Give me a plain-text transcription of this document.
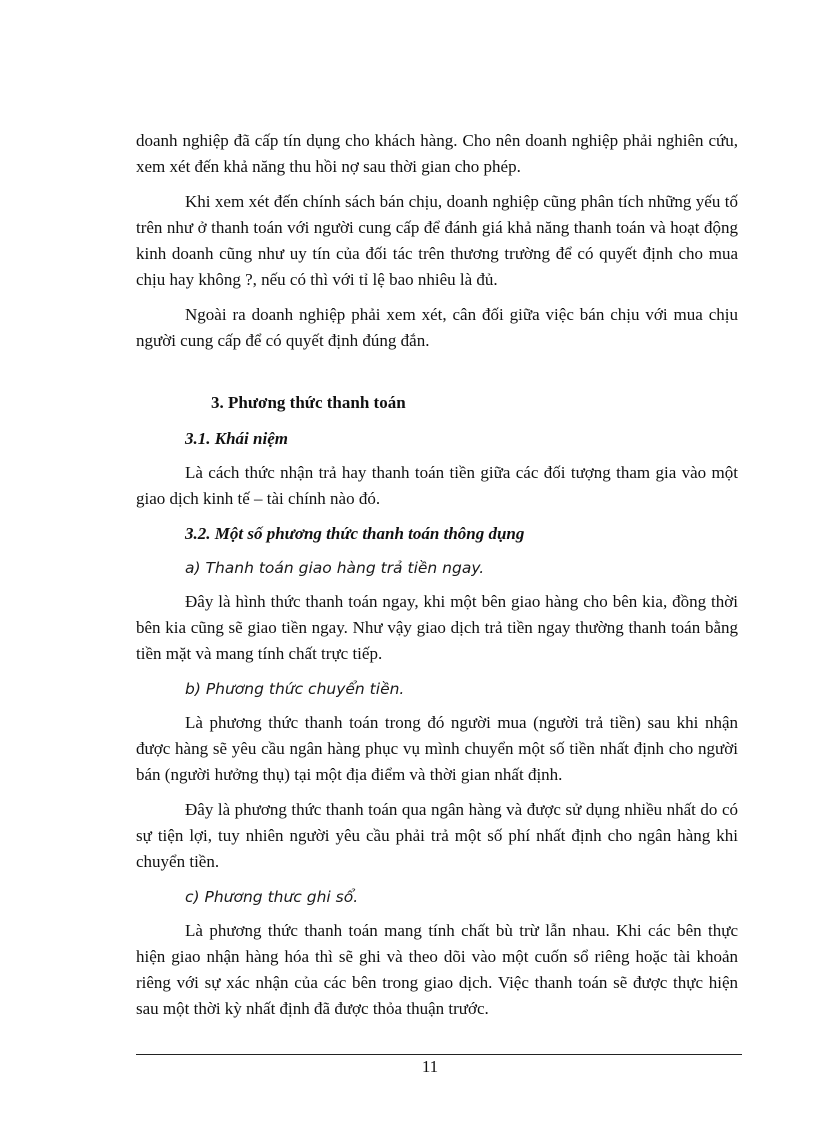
doanh nghiệp đã cấp tín dụng cho khách hàng. Cho nên doanh nghiệp phải nghiên cứu, xem xét đến khả năng thu hồi nợ sau thời gian cho phép.

Khi xem xét đến chính sách bán chịu, doanh nghiệp cũng phân tích những yếu tố trên như ở thanh toán với người cung cấp để đánh giá khả năng thanh toán và hoạt động kinh doanh cũng như uy tín của đối tác trên thương trường để có quyết định cho mua chịu hay không ?, nếu có thì với tỉ lệ bao nhiêu là đủ.

Ngoài ra doanh nghiệp phải xem xét, cân đối giữa việc bán chịu với mua chịu người cung cấp để có quyết định đúng đắn.

3. Phương thức thanh toán

3.1. Khái niệm

Là cách thức nhận trả hay thanh toán tiền giữa các đối tượng tham gia vào một giao dịch kinh tế – tài chính nào đó.

3.2. Một số phương thức thanh toán thông dụng

a) Thanh toán giao hàng trả tiền ngay.

Đây là hình thức thanh toán ngay, khi một bên giao hàng cho bên kia, đồng thời bên kia cũng sẽ giao tiền ngay. Như vậy giao dịch trả tiền ngay thường thanh toán bằng tiền mặt và mang tính chất trực tiếp.

b) Phương thức chuyển tiền.

Là phương thức thanh toán trong đó người mua (người trả tiền) sau khi nhận được hàng sẽ yêu cầu ngân hàng phục vụ mình chuyển một số tiền nhất định cho người bán (người hưởng thụ) tại một địa điểm và thời gian nhất định.

Đây là phương thức thanh toán qua ngân hàng và được sử dụng nhiều nhất do có sự tiện lợi, tuy nhiên người yêu cầu phải trả một số phí nhất định cho ngân hàng khi chuyển tiền.

c) Phương thưc ghi sổ.

Là phương thức thanh toán mang tính chất bù trừ lẫn nhau. Khi các bên thực hiện giao nhận hàng hóa thì sẽ ghi và theo dõi vào một cuốn sổ riêng hoặc tài khoản riêng với sự xác nhận của các bên trong giao dịch. Việc thanh toán sẽ được thực hiện sau một thời kỳ nhất định đã được thỏa thuận trước.

11
